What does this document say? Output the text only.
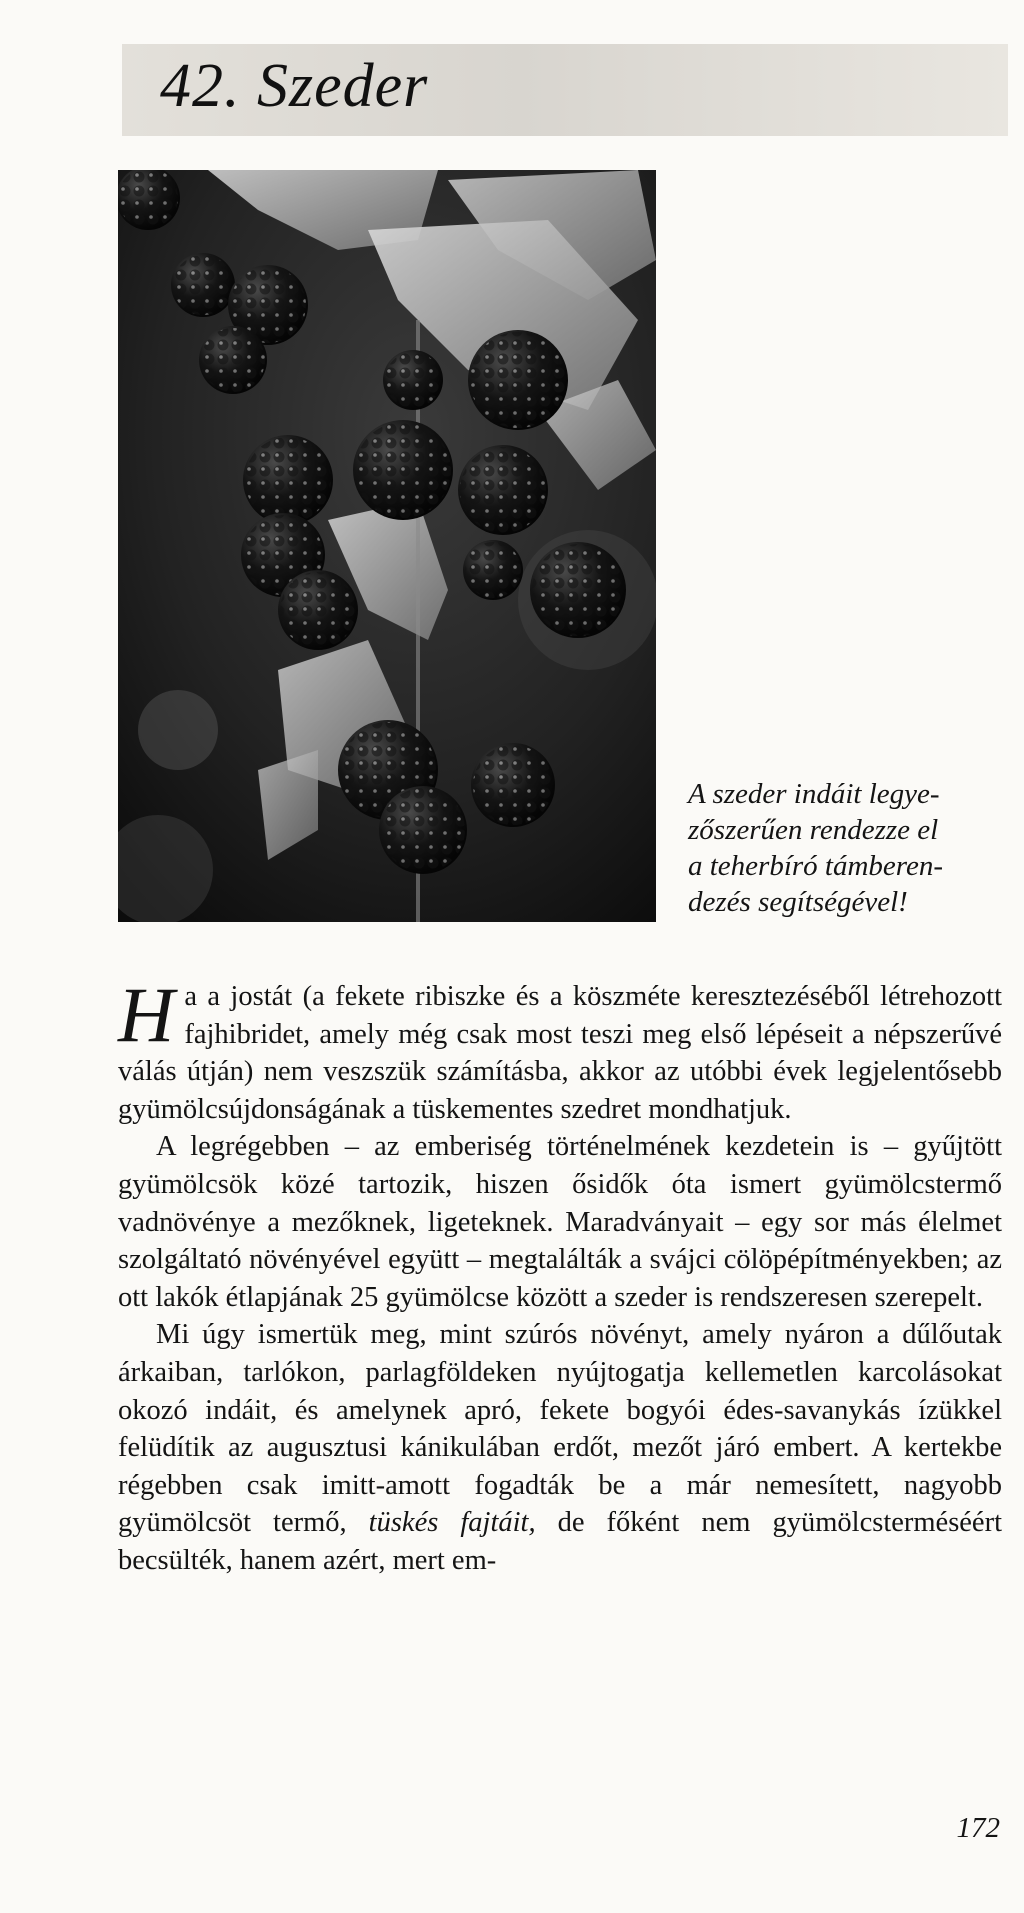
42. Szeder
A szeder indáit legye-
zőszerűen rendezze el
a teherbíró támberen-
dezés segítségével!

Ha a jostát (a fekete ribiszke és a köszméte keresztezéséből létrehozott fajhibridet, amely még csak most teszi meg első lépéseit a népszerűvé válás útján) nem veszszük számításba, akkor az utóbbi évek legjelentősebb gyümölcsújdonságának a tüskementes szedret mondhatjuk.

A legrégebben – az emberiség történelmének kezdetein is – gyűjtött gyümölcsök közé tartozik, hiszen ősidők óta ismert gyümölcstermő vadnövénye a mezőknek, ligeteknek. Maradványait – egy sor más élelmet szolgáltató növényével együtt – megtalálták a svájci cölöpépítményekben; az ott lakók étlapjának 25 gyümölcse között a szeder is rendszeresen szerepelt.

Mi úgy ismertük meg, mint szúrós növényt, amely nyáron a dűlőutak árkaiban, tarlókon, parlagföldeken nyújtogatja kellemetlen karcolásokat okozó indáit, és amelynek apró, fekete bogyói édes-savanykás ízükkel felüdítik az augusztusi kánikulában erdőt, mezőt járó embert. A kertekbe régebben csak imitt-amott fogadták be a már nemesített, nagyobb gyümölcsöt termő, tüskés fajtáit, de főként nem gyümölcsterméséért becsülték, hanem azért, mert em-

172
